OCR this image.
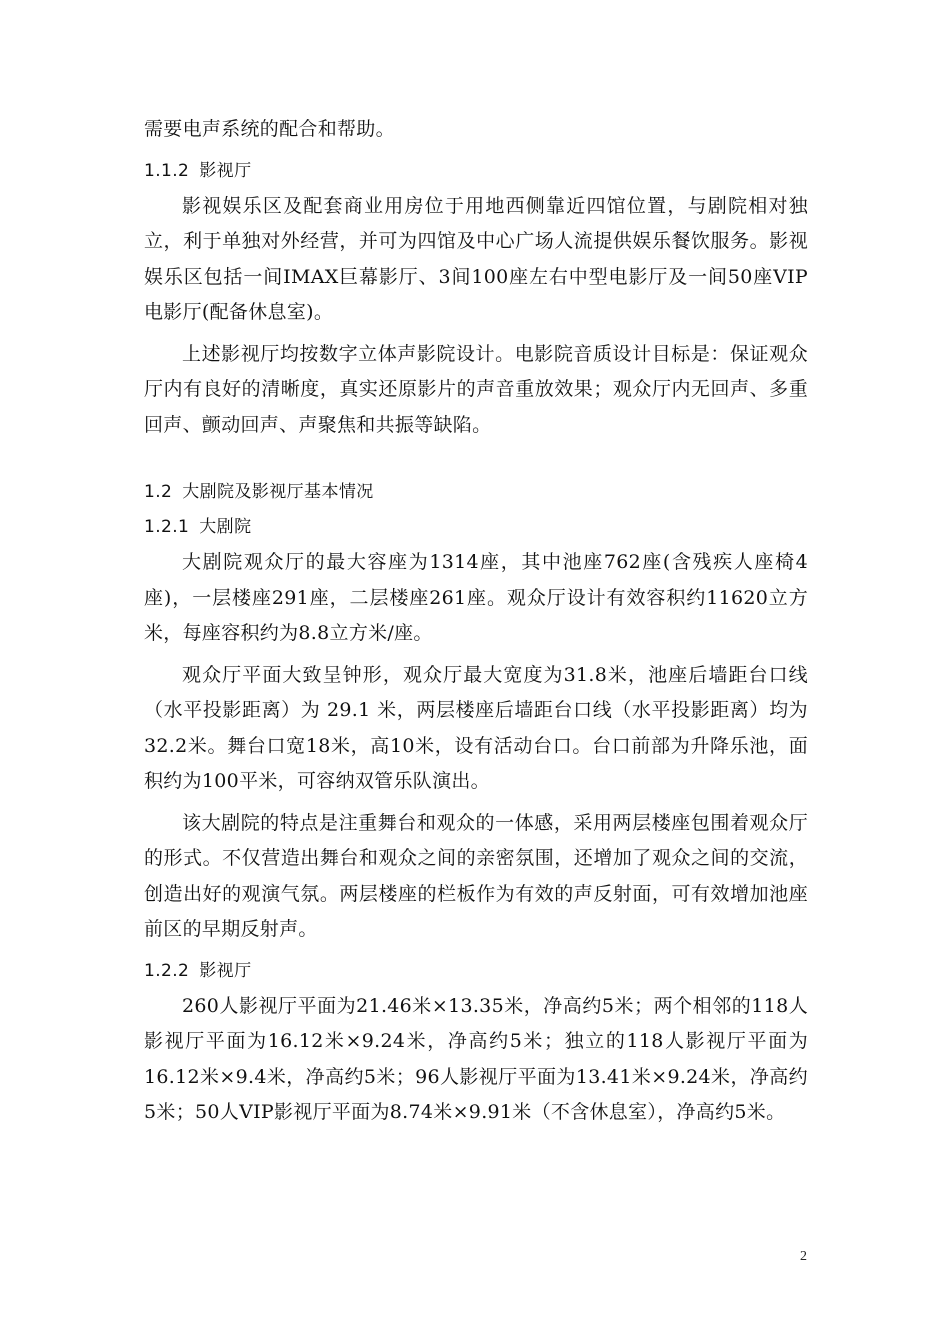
需要电声系统的配合和帮助。

1.1.2 影视厅

影视娱乐区及配套商业用房位于用地西侧靠近四馆位置，与剧院相对独立，利于单独对外经营，并可为四馆及中心广场人流提供娱乐餐饮服务。影视娱乐区包括一间IMAX巨幕影厅、3间100座左右中型电影厅及一间50座VIP电影厅(配备休息室)。

上述影视厅均按数字立体声影院设计。电影院音质设计目标是：保证观众厅内有良好的清晰度，真实还原影片的声音重放效果；观众厅内无回声、多重回声、颤动回声、声聚焦和共振等缺陷。

1.2 大剧院及影视厅基本情况
1.2.1 大剧院

大剧院观众厅的最大容座为1314座，其中池座762座(含残疾人座椅4座)，一层楼座291座，二层楼座261座。观众厅设计有效容积约11620立方米，每座容积约为8.8立方米/座。

观众厅平面大致呈钟形，观众厅最大宽度为31.8米，池座后墙距台口线（水平投影距离）为 29.1 米，两层楼座后墙距台口线（水平投影距离）均为 32.2米。舞台口宽18米，高10米，设有活动台口。台口前部为升降乐池，面积约为100平米，可容纳双管乐队演出。

该大剧院的特点是注重舞台和观众的一体感，采用两层楼座包围着观众厅的形式。不仅营造出舞台和观众之间的亲密氛围，还增加了观众之间的交流，创造出好的观演气氛。两层楼座的栏板作为有效的声反射面，可有效增加池座前区的早期反射声。

1.2.2 影视厅

260人影视厅平面为21.46米×13.35米，净高约5米；两个相邻的118人影视厅平面为16.12米×9.24米，净高约5米；独立的118人影视厅平面为16.12米×9.4米，净高约5米；96人影视厅平面为13.41米×9.24米，净高约5米；50人VIP影视厅平面为8.74米×9.91米（不含休息室），净高约5米。

2
